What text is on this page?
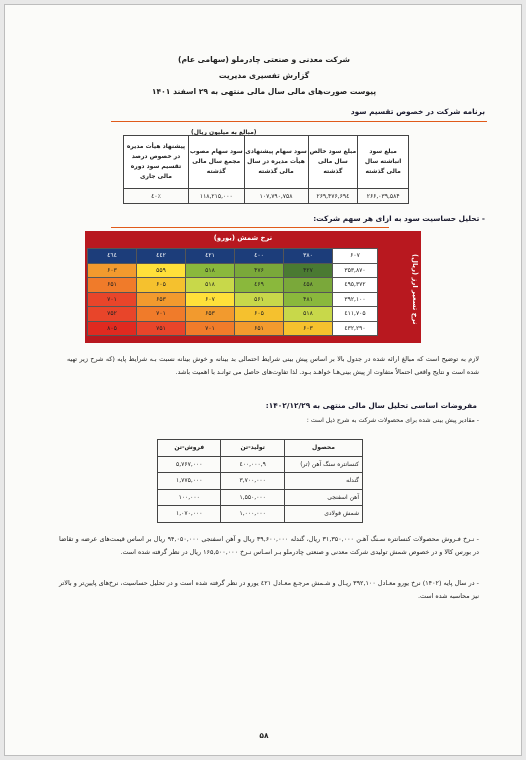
شرکت معدنی و صنعتی چادرملو (سهامی عام)
گزارش تفسیری مدیریت
پیوست صورت‌های مالی سال مالی منتهی به ۲۹ اسفند ۱۴۰۱
برنامه شرکت در خصوص تقسیم سود
(مبالغ به میلیون ریال)
مبلغ سود انباشته سال مالی گذشته	مبلغ سود خالص سال مالی گذشته	سود سهام پیشنهادی هیأت مدیره در سال مالی گذشته	سود سهام مصوب مجمع سال مالی گذشته	پیشنهاد هیأت مدیره در خصوص درصد تقسیم سود دوره مالی جاری
۲۶۶,۰۳۹,۵۸۴	۲۶۹,۴۷۶,۶۹٤	۱۰۷,۷۹۰,۷۵۸	۱۱۸,۲۱۵,۰۰۰	٤۰٪
- تحلیل حساسیت سود به ازای هر سهم شرکت:
نرخ شمش (یورو)
نرخ تسعیر ارز (ریال)
۶۰۷	۳۸۰	٤۰۰	٤۲۱	٤٤۲	٤٦٤
۳۵۳,۸۷۰	۴۲۷	۴۷۶	۵۱۸	۵۵۹	۶۰۳
۳۷۲,٤۹٥	٤۵۸	٤۶۹	۵۱۸	۶۰۵	۶۵۱
۳۹۲,۱۰۰	۴۸۱	۵۶۱	۶۰۷	۶۵۳	۷۰۱
٤۱۱,۷۰۵	۵۱۸	۶۰۵	۶۵۳	۷۰۱	۷۵۲
٤۳۲,۲۹۰	۶۰۳	۶۵۱	۷۰۱	۷۵۱	۸۰۵
لازم به توضیح است که مبالغ ارائه شده در جدول بالا بر اساس پیش بینی شرایط احتمالی بد بینانه و خوش بینانه نسبت بـه شرایط پایه (که شرح زیر تهیه شده است و نتایج واقعی احتمالاً متفاوت از پیش بینی‌هـا خواهـد بـود. لذا تفاوت‌های حاصل می توانـد با اهمیت باشد.
مفروضات اساسی تحلیل سال مالی منتهی به ۱۴۰۲/۱۲/۲۹:
- مقادیر پیش بینی شده برای محصولات شرکت به شرح ذیل است :
محصول	تولید-تن	فروش-تن
کنسانتره سنگ آهن (تر)	۹,٤۰۰,۰۰۰	۵,۷۶۷,۰۰۰
گندله	۳,۷۰۰,۰۰۰	۱,۷۷۵,۰۰۰
آهن اسفنجی	۱,۵۵۰,۰۰۰	۱۰۰,۰۰۰
شمش فولادی	۱,۰۰۰,۰۰۰	۱,۰۷۰,۰۰۰
- نـرخ فـروش محصولات کنسانتره سـنگ آهـن ۳۱,۳۵۰,۰۰۰ ریال، گندله ۳۹,۶۰۰,۰۰۰ ریال و آهن اسفنجی ۹۴,۰۵۰,۰۰۰ ریال بر اساس قیمت‌های عرضه و تقاضا در بورس کالا و در خصوص شمش تولیدی شرکت معدنی و صنعتی چادرملو بـر اسـاس نـرخ ۱۶۵,۵۰۰,۰۰۰ ریال در نظر گرفته شده است.
- در سال پایه (۱۴۰۲) نرخ یورو معـادل ۳۹۲,۱۰۰ ریـال و شـمش مرجـع معـادل ٤۲۱ یورو در نظر گرفته شده است و در تحلیل حساسیت، نرخ‌های پایین‌تر و بالاتر نیز محاسبه شده است.
۵۸
